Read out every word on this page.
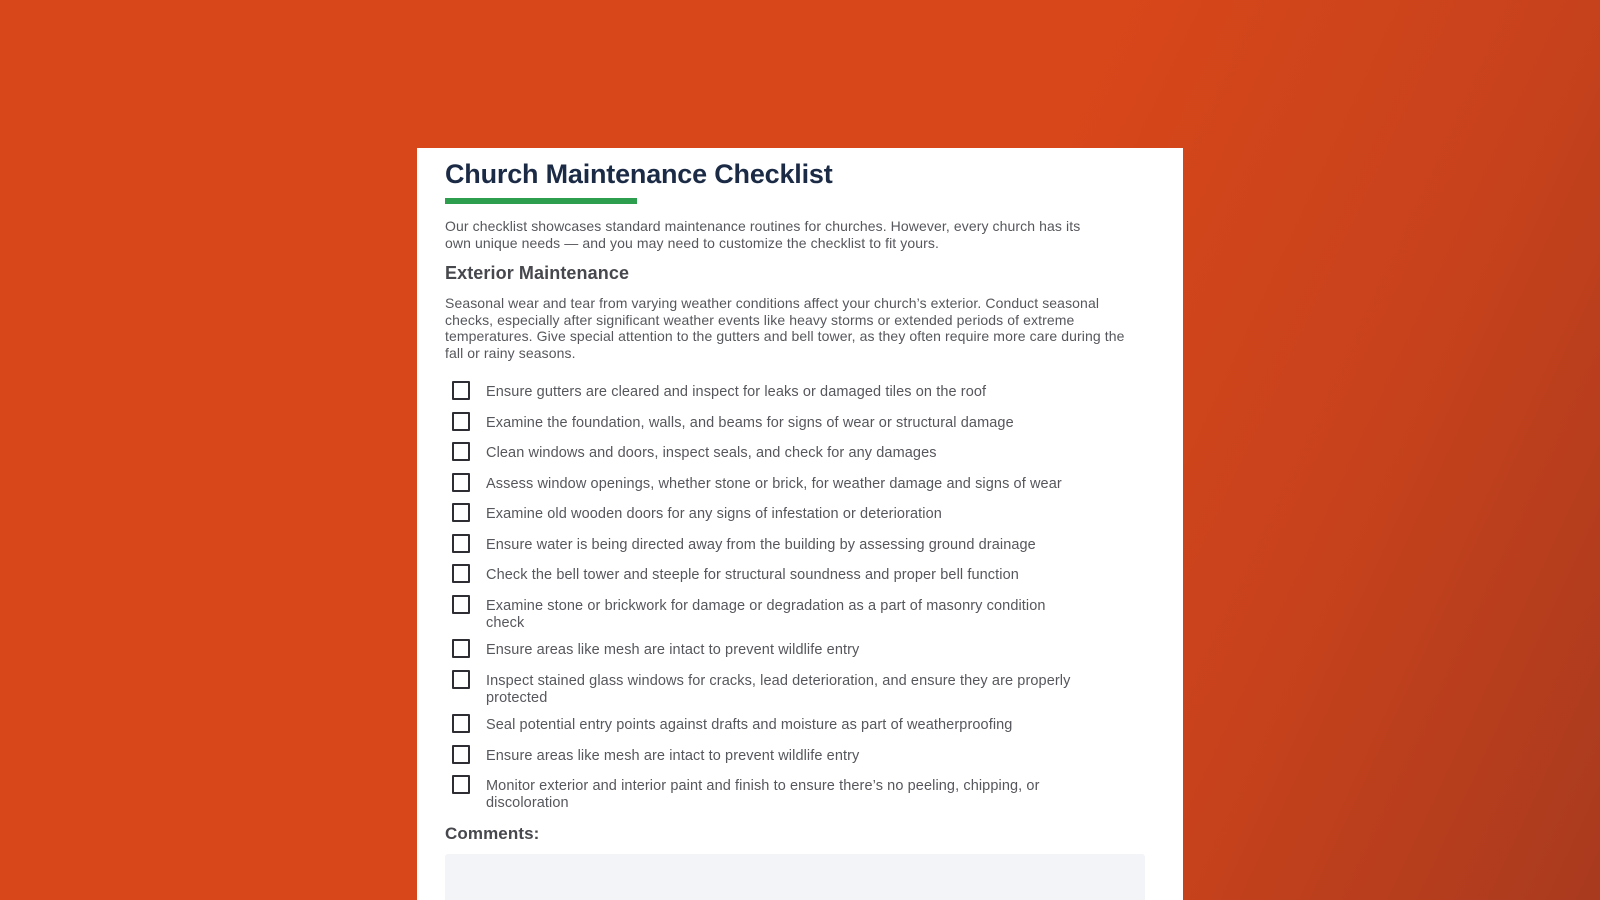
Church Maintenance Checklist

Our checklist showcases standard maintenance routines for churches. However, every church has its own unique needs — and you may need to customize the checklist to fit yours.

Exterior Maintenance

Seasonal wear and tear from varying weather conditions affect your church’s exterior. Conduct seasonal checks, especially after significant weather events like heavy storms or extended periods of extreme temperatures. Give special attention to the gutters and bell tower, as they often require more care during the fall or rainy seasons.

Ensure gutters are cleared and inspect for leaks or damaged tiles on the roof
Examine the foundation, walls, and beams for signs of wear or structural damage
Clean windows and doors, inspect seals, and check for any damages
Assess window openings, whether stone or brick, for weather damage and signs of wear
Examine old wooden doors for any signs of infestation or deterioration
Ensure water is being directed away from the building by assessing ground drainage
Check the bell tower and steeple for structural soundness and proper bell function
Examine stone or brickwork for damage or degradation as a part of masonry condition check
Ensure areas like mesh are intact to prevent wildlife entry
Inspect stained glass windows for cracks, lead deterioration, and ensure they are properly protected
Seal potential entry points against drafts and moisture as part of weatherproofing
Ensure areas like mesh are intact to prevent wildlife entry
Monitor exterior and interior paint and finish to ensure there’s no peeling, chipping, or discoloration
Comments:
